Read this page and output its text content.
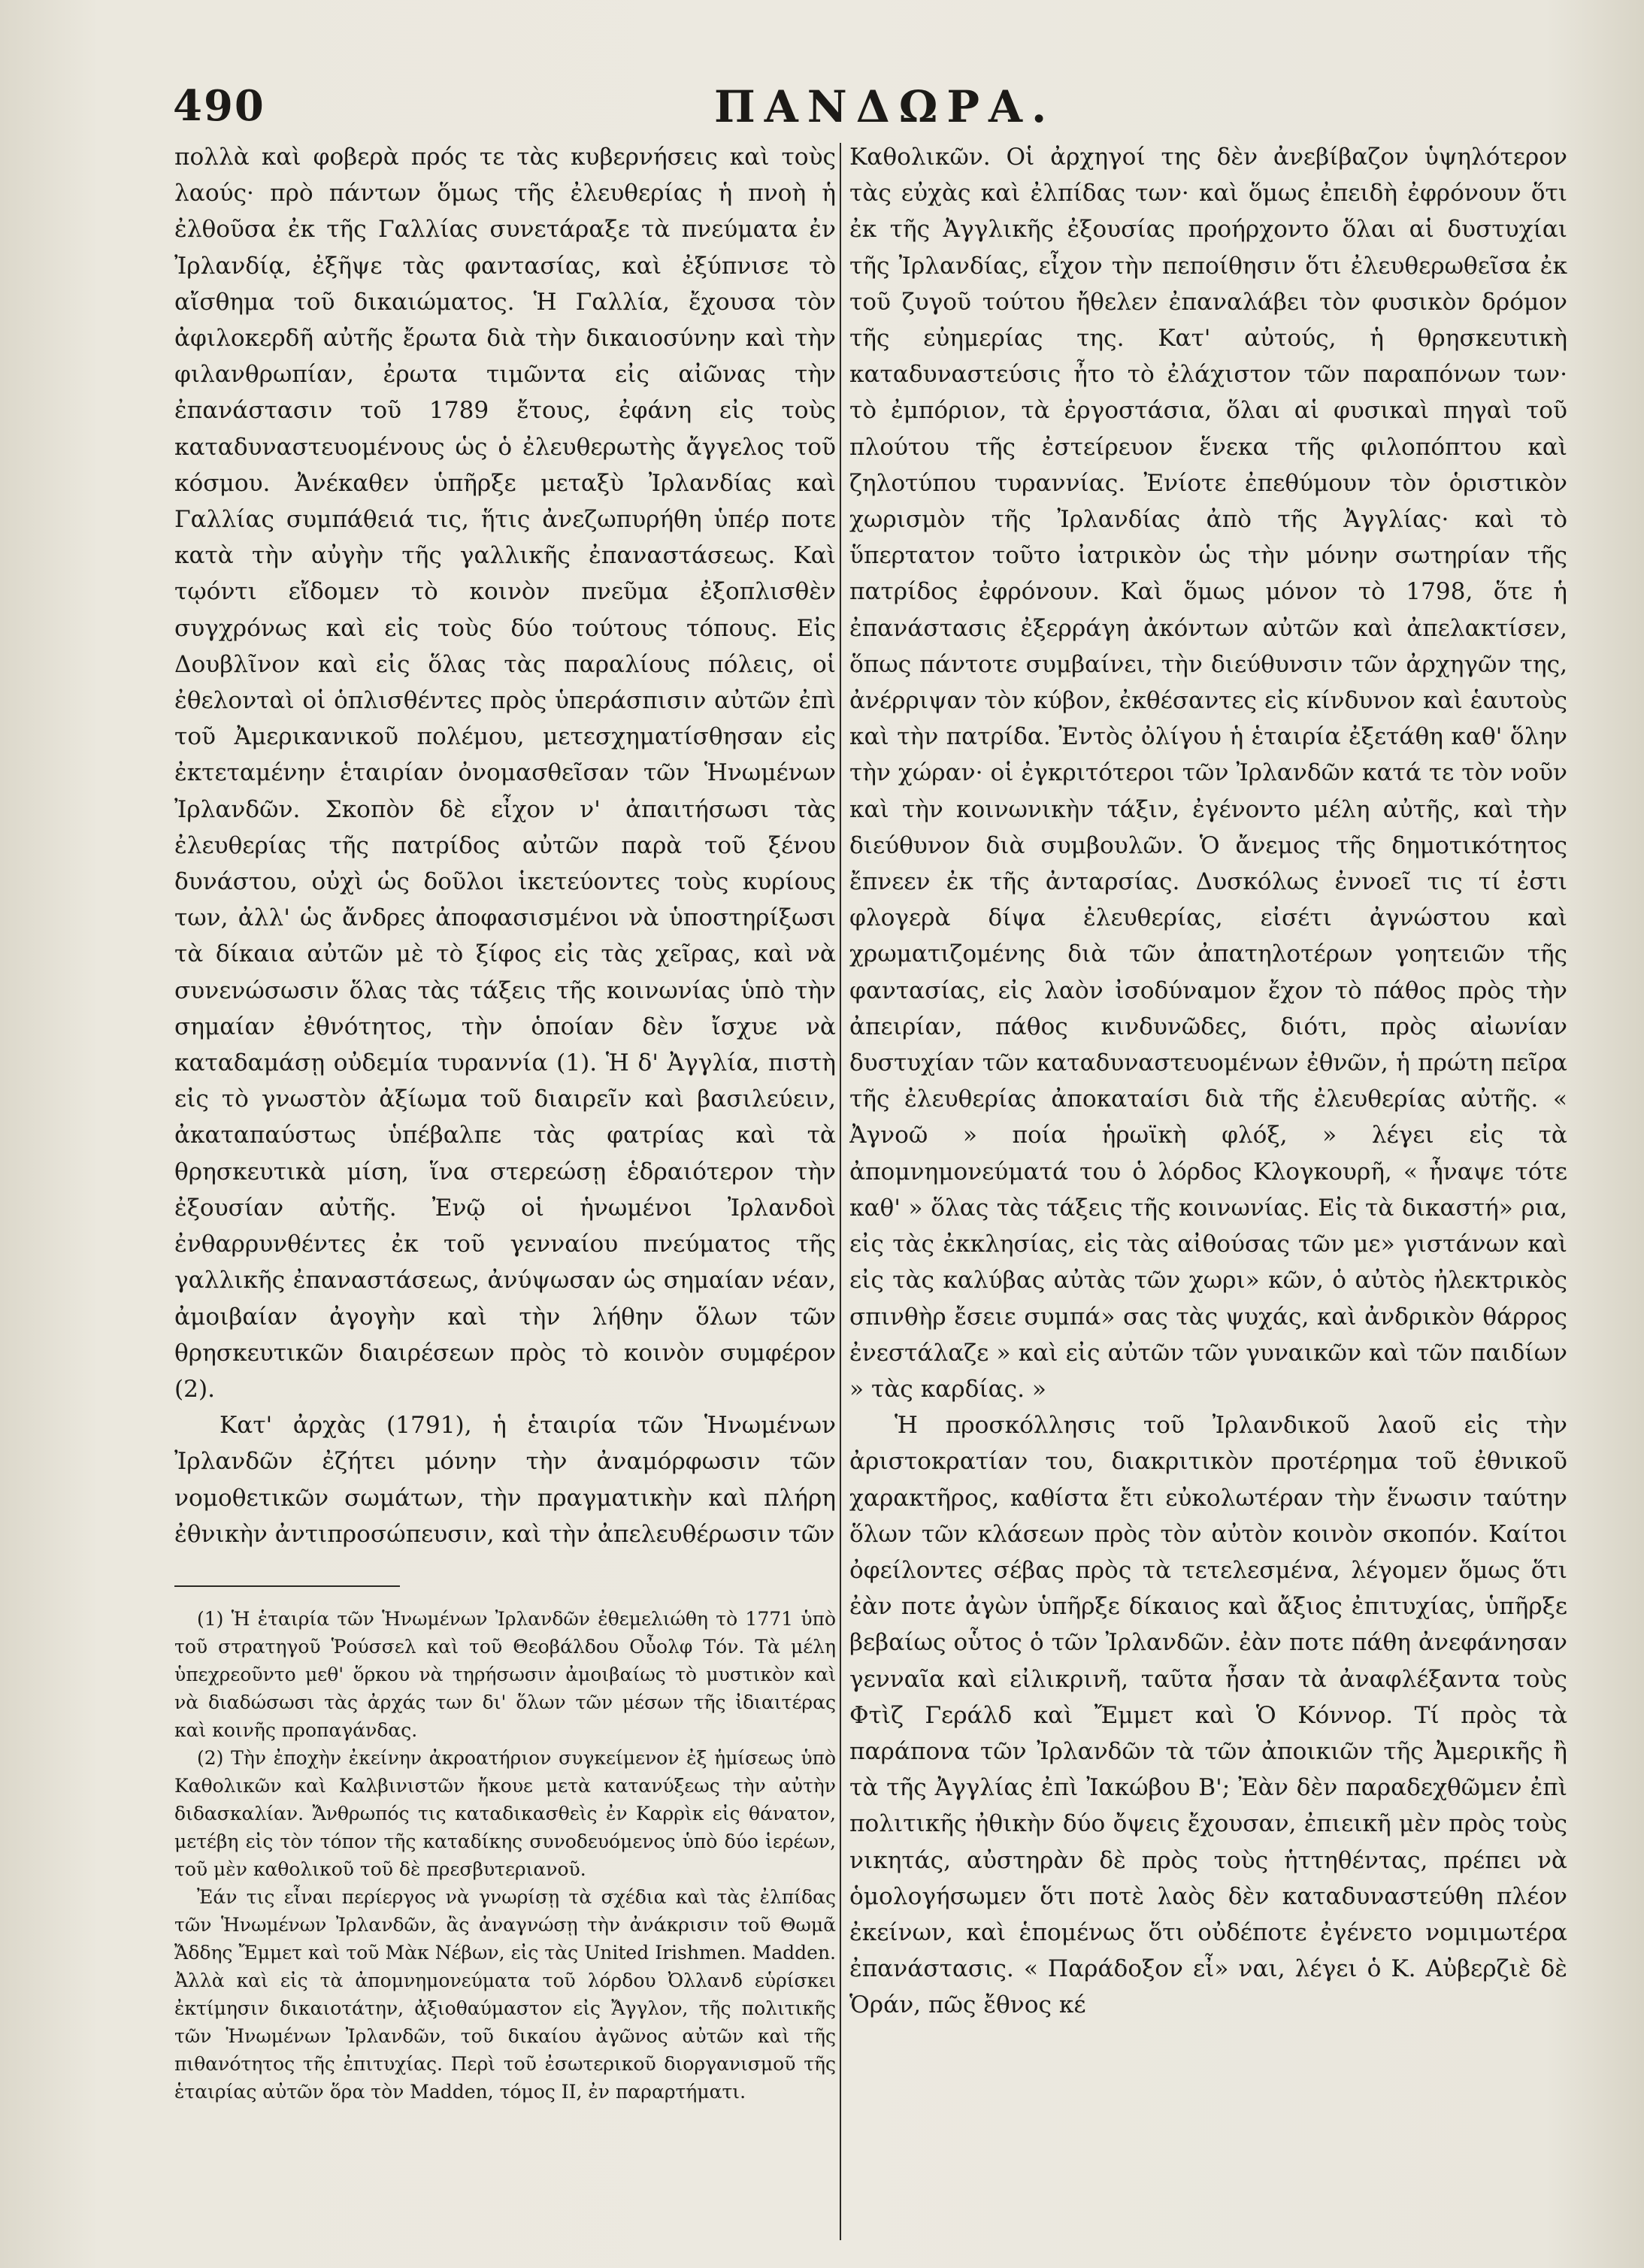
490	ΠΑΝΔΩΡΑ.

πολλὰ καὶ φοβερὰ πρός τε τὰς κυβερνήσεις καὶ τοὺς λαούς· πρὸ πάντων ὅμως τῆς ἐλευθερίας ἡ πνοὴ ἡ ἐλθοῦσα ἐκ τῆς Γαλλίας συνετάραξε τὰ πνεύματα ἐν Ἰρλανδίᾳ, ἐξῆψε τὰς φαντασίας, καὶ ἐξύπνισε τὸ αἴσθημα τοῦ δικαιώματος. Ἡ Γαλλία, ἔχουσα τὸν ἀφιλοκερδῆ αὐτῆς ἔρωτα διὰ τὴν δικαιοσύνην καὶ τὴν φιλανθρωπίαν, ἐρωτα τιμῶντα εἰς αἰῶνας τὴν ἐπανάστασιν τοῦ 1789 ἔτους, ἐφάνη εἰς τοὺς καταδυναστευομένους ὡς ὁ ἐλευθερωτὴς ἄγγελος τοῦ κόσμου. Ἀνέκαθεν ὑπῆρξε μεταξὺ Ἰρλανδίας καὶ Γαλλίας συμπάθειά τις, ἥτις ἀνεζωπυρήθη ὑπέρ ποτε κατὰ τὴν αὐγὴν τῆς γαλλικῆς ἐπαναστάσεως. Καὶ τῳόντι εἴδομεν τὸ κοινὸν πνεῦμα ἐξοπλισθὲν συγχρόνως καὶ εἰς τοὺς δύο τούτους τόπους. Εἰς Δουβλῖνον καὶ εἰς ὅλας τὰς παραλίους πόλεις, οἱ ἐθελονταὶ οἱ ὁπλισθέντες πρὸς ὑπεράσπισιν αὐτῶν ἐπὶ τοῦ Ἀμερικανικοῦ πολέμου, μετεσχηματίσθησαν εἰς ἐκτεταμένην ἑταιρίαν ὀνομασθεῖσαν τῶν Ἡνωμένων Ἰρλανδῶν. Σκοπὸν δὲ εἶχον ν' ἀπαιτήσωσι τὰς ἐλευθερίας τῆς πατρίδος αὐτῶν παρὰ τοῦ ξένου δυνάστου, οὐχὶ ὡς δοῦλοι ἱκετεύοντες τοὺς κυρίους των, ἀλλ' ὡς ἄνδρες ἀποφασισμένοι νὰ ὑποστηρίξωσι τὰ δίκαια αὐτῶν μὲ τὸ ξίφος εἰς τὰς χεῖρας, καὶ νὰ συνενώσωσιν ὅλας τὰς τάξεις τῆς κοινωνίας ὑπὸ τὴν σημαίαν ἐθνότητος, τὴν ὁποίαν δὲν ἴσχυε νὰ καταδαμάσῃ οὐδεμία τυραννία (1). Ἡ δ' Ἀγγλία, πιστὴ εἰς τὸ γνωστὸν ἀξίωμα τοῦ διαιρεῖν καὶ βασιλεύειν, ἀκαταπαύστως ὑπέβαλπε τὰς φατρίας καὶ τὰ θρησκευτικὰ μίση, ἵνα στερεώσῃ ἑδραιότερον τὴν ἐξουσίαν αὐτῆς. Ἐνῷ οἱ ἡνωμένοι Ἰρλανδοὶ ἐνθαρρυνθέντες ἐκ τοῦ γενναίου πνεύματος τῆς γαλλικῆς ἐπαναστάσεως, ἀνύψωσαν ὡς σημαίαν νέαν, ἀμοιβαίαν ἀγογὴν καὶ τὴν λήθην ὅλων τῶν θρησκευτικῶν διαιρέσεων πρὸς τὸ κοινὸν συμφέρον (2).

Κατ' ἀρχὰς (1791), ἡ ἑταιρία τῶν Ἡνωμένων Ἰρλανδῶν ἐζήτει μόνην τὴν ἀναμόρφωσιν τῶν νομοθετικῶν σωμάτων, τὴν πραγματικὴν καὶ πλήρη ἐθνικὴν ἀντιπροσώπευσιν, καὶ τὴν ἀπελευθέρωσιν τῶν

(1) Ἡ ἑταιρία τῶν Ἡνωμένων Ἰρλανδῶν ἐθεμελιώθη τὸ 1771 ὑπὸ τοῦ στρατηγοῦ Ῥούσσελ καὶ τοῦ Θεοβάλδου Οὖολφ Τόν. Τὰ μέλη ὑπεχρεοῦντο μεθ' ὅρκου νὰ τηρήσωσιν ἀμοιβαίως τὸ μυστικὸν καὶ νὰ διαδώσωσι τὰς ἀρχάς των δι' ὅλων τῶν μέσων τῆς ἰδιαιτέρας καὶ κοινῆς προπαγάνδας.

(2) Τὴν ἐποχὴν ἐκείνην ἀκροατήριον συγκείμενον ἐξ ἡμίσεως ὑπὸ Καθολικῶν καὶ Καλβινιστῶν ἤκουε μετὰ κατανύξεως τὴν αὐτὴν διδασκαλίαν. Ἄνθρωπός τις καταδικασθεὶς ἐν Καρρὶκ εἰς θάνατον, μετέβη εἰς τὸν τόπον τῆς καταδίκης συνοδευόμενος ὑπὸ δύο ἱερέων, τοῦ μὲν καθολικοῦ τοῦ δὲ πρεσβυτεριανοῦ.

Ἐάν τις εἶναι περίεργος νὰ γνωρίσῃ τὰ σχέδια καὶ τὰς ἐλπίδας τῶν Ἡνωμένων Ἰρλανδῶν, ἂς ἀναγνώσῃ τὴν ἀνάκρισιν τοῦ Θωμᾶ Ἄδδης Ἔμμετ καὶ τοῦ Μὰκ Νέβων, εἰς τὰς United Irishmen. Madden. Ἀλλὰ καὶ εἰς τὰ ἀπομνημονεύματα τοῦ λόρδου Ὀλλανδ εὑρίσκει ἐκτίμησιν δικαιοτάτην, ἀξιοθαύμαστον εἰς Ἄγγλον, τῆς πολιτικῆς τῶν Ἡνωμένων Ἰρλανδῶν, τοῦ δικαίου ἀγῶνος αὐτῶν καὶ τῆς πιθανότητος τῆς ἐπιτυχίας. Περὶ τοῦ ἐσωτερικοῦ διοργανισμοῦ τῆς ἑταιρίας αὐτῶν ὅρα τὸν Madden, τόμος II, ἐν παραρτήματι.

Καθολικῶν. Οἱ ἀρχηγοί της δὲν ἀνεβίβαζον ὑψηλότερον τὰς εὐχὰς καὶ ἐλπίδας των· καὶ ὅμως ἐπειδὴ ἐφρόνουν ὅτι ἐκ τῆς Ἀγγλικῆς ἐξουσίας προήρχοντο ὅλαι αἱ δυστυχίαι τῆς Ἰρλανδίας, εἶχον τὴν πεποίθησιν ὅτι ἐλευθερωθεῖσα ἐκ τοῦ ζυγοῦ τούτου ἤθελεν ἐπαναλάβει τὸν φυσικὸν δρόμον τῆς εὐημερίας της. Κατ' αὐτούς, ἡ θρησκευτικὴ καταδυναστεύσις ἦτο τὸ ἐλάχιστον τῶν παραπόνων των· τὸ ἐμπόριον, τὰ ἐργοστάσια, ὅλαι αἱ φυσικαὶ πηγαὶ τοῦ πλούτου τῆς ἐστείρευον ἕνεκα τῆς φιλοπόπτου καὶ ζηλοτύπου τυραννίας. Ἐνίοτε ἐπεθύμουν τὸν ὁριστικὸν χωρισμὸν τῆς Ἰρλανδίας ἀπὸ τῆς Ἀγγλίας· καὶ τὸ ὕπερτατον τοῦτο ἰατρικὸν ὡς τὴν μόνην σωτηρίαν τῆς πατρίδος ἐφρόνουν. Καὶ ὅμως μόνον τὸ 1798, ὅτε ἡ ἐπανάστασις ἐξερράγη ἀκόντων αὐτῶν καὶ ἀπελακτίσεν, ὅπως πάντοτε συμβαίνει, τὴν διεύθυνσιν τῶν ἀρχηγῶν της, ἀνέρριψαν τὸν κύβον, ἐκθέσαντες εἰς κίνδυνον καὶ ἑαυτοὺς καὶ τὴν πατρίδα. Ἐντὸς ὀλίγου ἡ ἑταιρία ἐξετάθη καθ' ὅλην τὴν χώραν· οἱ ἐγκριτότεροι τῶν Ἰρλανδῶν κατά τε τὸν νοῦν καὶ τὴν κοινωνικὴν τάξιν, ἐγένοντο μέλη αὐτῆς, καὶ τὴν διεύθυνον διὰ συμβουλῶν. Ὁ ἄνεμος τῆς δημοτικότητος ἔπνεεν ἐκ τῆς ἀνταρσίας. Δυσκόλως ἐννοεῖ τις τί ἐστι φλογερὰ δίψα ἐλευθερίας, εἰσέτι ἀγνώστου καὶ χρωματιζομένης διὰ τῶν ἀπατηλοτέρων γοητειῶν τῆς φαντασίας, εἰς λαὸν ἰσοδύναμον ἔχον τὸ πάθος πρὸς τὴν ἀπειρίαν, πάθος κινδυνῶδες, διότι, πρὸς αἰωνίαν δυστυχίαν τῶν καταδυναστευομένων ἐθνῶν, ἡ πρώτη πεῖρα τῆς ἐλευθερίας ἀποκαταίσι διὰ τῆς ἐλευθερίας αὐτῆς. « Ἀγνοῶ » ποία ἡρωϊκὴ φλόξ, » λέγει εἰς τὰ ἀπομνημονεύματά του ὁ λόρδος Κλογκουρῆ, « ἧναψε τότε καθ' » ὅλας τὰς τάξεις τῆς κοινωνίας. Εἰς τὰ δικαστή» ρια, εἰς τὰς ἐκκλησίας, εἰς τὰς αἰθούσας τῶν με» γιστάνων καὶ εἰς τὰς καλύβας αὐτὰς τῶν χωρι» κῶν, ὁ αὐτὸς ἠλεκτρικὸς σπινθὴρ ἔσειε συμπά» σας τὰς ψυχάς, καὶ ἀνδρικὸν θάρρος ἐνεστάλαζε » καὶ εἰς αὐτῶν τῶν γυναικῶν καὶ τῶν παιδίων » τὰς καρδίας. »

Ἡ προσκόλλησις τοῦ Ἰρλανδικοῦ λαοῦ εἰς τὴν ἀριστοκρατίαν του, διακριτικὸν προτέρημα τοῦ ἐθνικοῦ χαρακτῆρος, καθίστα ἔτι εὐκολωτέραν τὴν ἕνωσιν ταύτην ὅλων τῶν κλάσεων πρὸς τὸν αὐτὸν κοινὸν σκοπόν. Καίτοι ὀφείλοντες σέβας πρὸς τὰ τετελεσμένα, λέγομεν ὅμως ὅτι ἐὰν ποτε ἀγὼν ὑπῆρξε δίκαιος καὶ ἄξιος ἐπιτυχίας, ὑπῆρξε βεβαίως οὗτος ὁ τῶν Ἰρλανδῶν. ἐὰν ποτε πάθη ἀνεφάνησαν γενναῖα καὶ εἰλικρινῆ, ταῦτα ἦσαν τὰ ἀναφλέξαντα τοὺς Φτὶζ Γεράλδ καὶ Ἔμμετ καὶ Ὁ Κόννορ. Τί πρὸς τὰ παράπονα τῶν Ἰρλανδῶν τὰ τῶν ἀποικιῶν τῆς Ἀμερικῆς ἢ τὰ τῆς Ἀγγλίας ἐπὶ Ἰακώβου Β'; Ἐὰν δὲν παραδεχθῶμεν ἐπὶ πολιτικῆς ἠθικὴν δύο ὄψεις ἔχουσαν, ἐπιεικῆ μὲν πρὸς τοὺς νικητάς, αὐστηρὰν δὲ πρὸς τοὺς ἡττηθέντας, πρέπει νὰ ὁμολογήσωμεν ὅτι ποτὲ λαὸς δὲν καταδυναστεύθη πλέον ἐκείνων, καὶ ἑπομένως ὅτι οὐδέποτε ἐγένετο νομιμωτέρα ἐπανάστασις. « Παράδοξον εἶ» ναι, λέγει ὁ Κ. Αὐβερζιὲ δὲ Ὁράν, πῶς ἔθνος κέ
